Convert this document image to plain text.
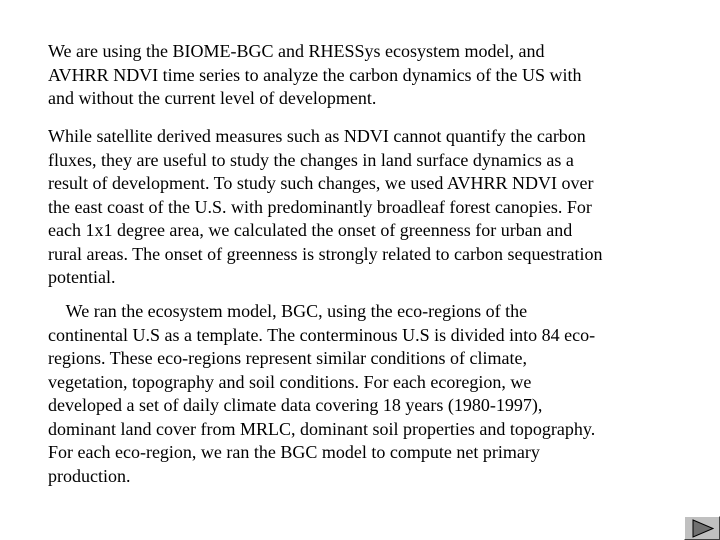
We are using the BIOME-BGC and RHESSys ecosystem model, and
AVHRR NDVI time series to analyze the carbon dynamics of the US with
and without the current level of development.
While satellite derived measures such as NDVI cannot quantify the carbon
fluxes, they are useful to study the changes in land surface dynamics as a
result of development. To study such changes, we used AVHRR NDVI over
the east coast of the U.S. with predominantly broadleaf forest canopies. For
each 1x1 degree area, we calculated the onset of greenness for urban and
rural areas. The onset of greenness is strongly related to carbon sequestration
potential.
We ran the ecosystem model, BGC, using the eco-regions of the
continental U.S as a template. The conterminous U.S is divided into 84 eco-
regions. These eco-regions represent similar conditions of climate,
vegetation, topography and soil conditions. For each ecoregion, we
developed a set of daily climate data covering 18 years (1980-1997),
dominant land cover from MRLC, dominant soil properties and topography.
For each eco-region, we ran the BGC model to compute net primary
production.
